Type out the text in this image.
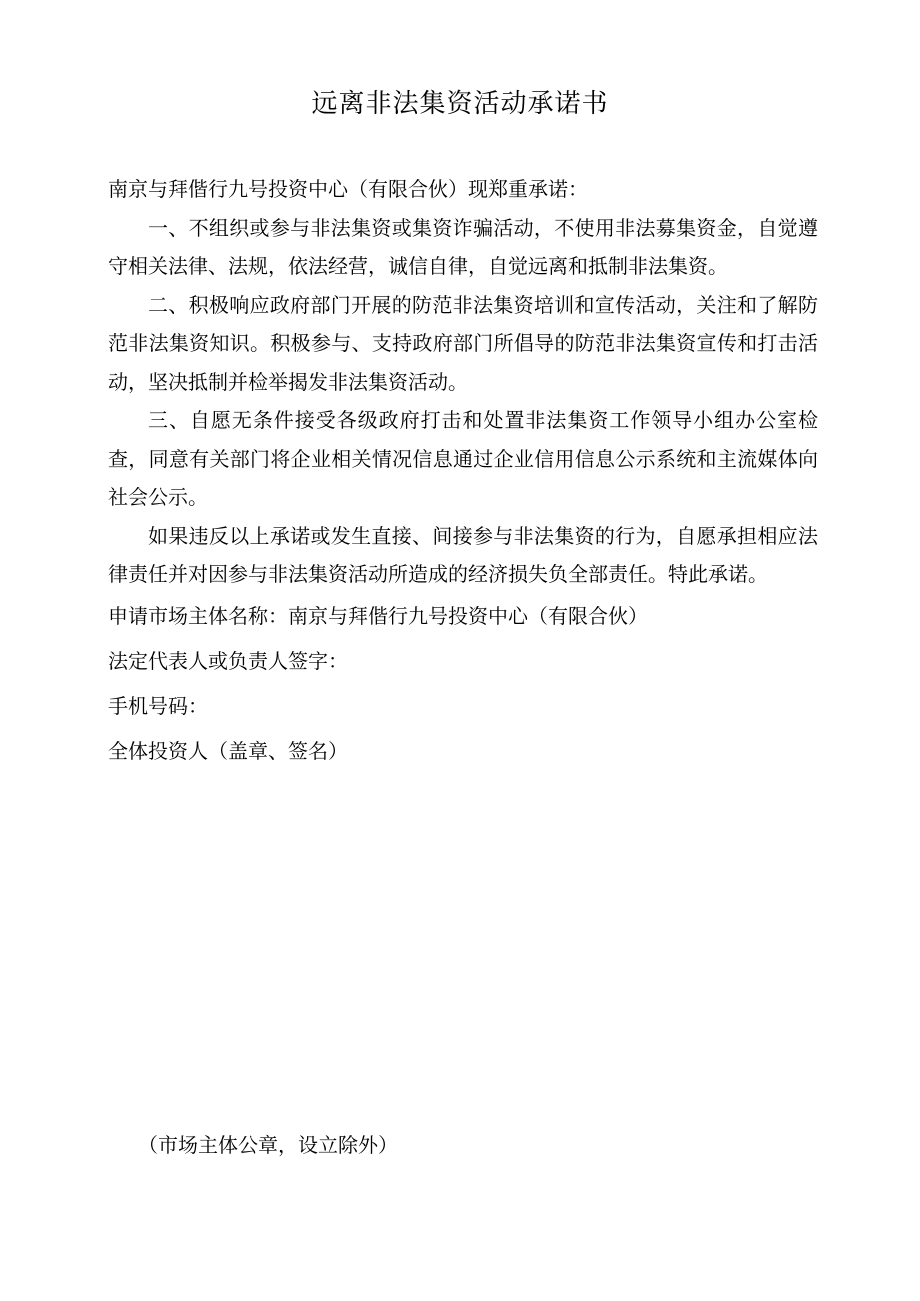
远离非法集资活动承诺书

南京与拜偕行九号投资中心（有限合伙）现郑重承诺：

一、不组织或参与非法集资或集资诈骗活动，不使用非法募集资金，自觉遵守相关法律、法规，依法经营，诚信自律，自觉远离和抵制非法集资。

二、积极响应政府部门开展的防范非法集资培训和宣传活动，关注和了解防范非法集资知识。积极参与、支持政府部门所倡导的防范非法集资宣传和打击活动，坚决抵制并检举揭发非法集资活动。

三、自愿无条件接受各级政府打击和处置非法集资工作领导小组办公室检查，同意有关部门将企业相关情况信息通过企业信用信息公示系统和主流媒体向社会公示。

如果违反以上承诺或发生直接、间接参与非法集资的行为，自愿承担相应法律责任并对因参与非法集资活动所造成的经济损失负全部责任。特此承诺。

申请市场主体名称：南京与拜偕行九号投资中心（有限合伙）

法定代表人或负责人签字：

手机号码：

全体投资人（盖章、签名）

（市场主体公章，设立除外）
